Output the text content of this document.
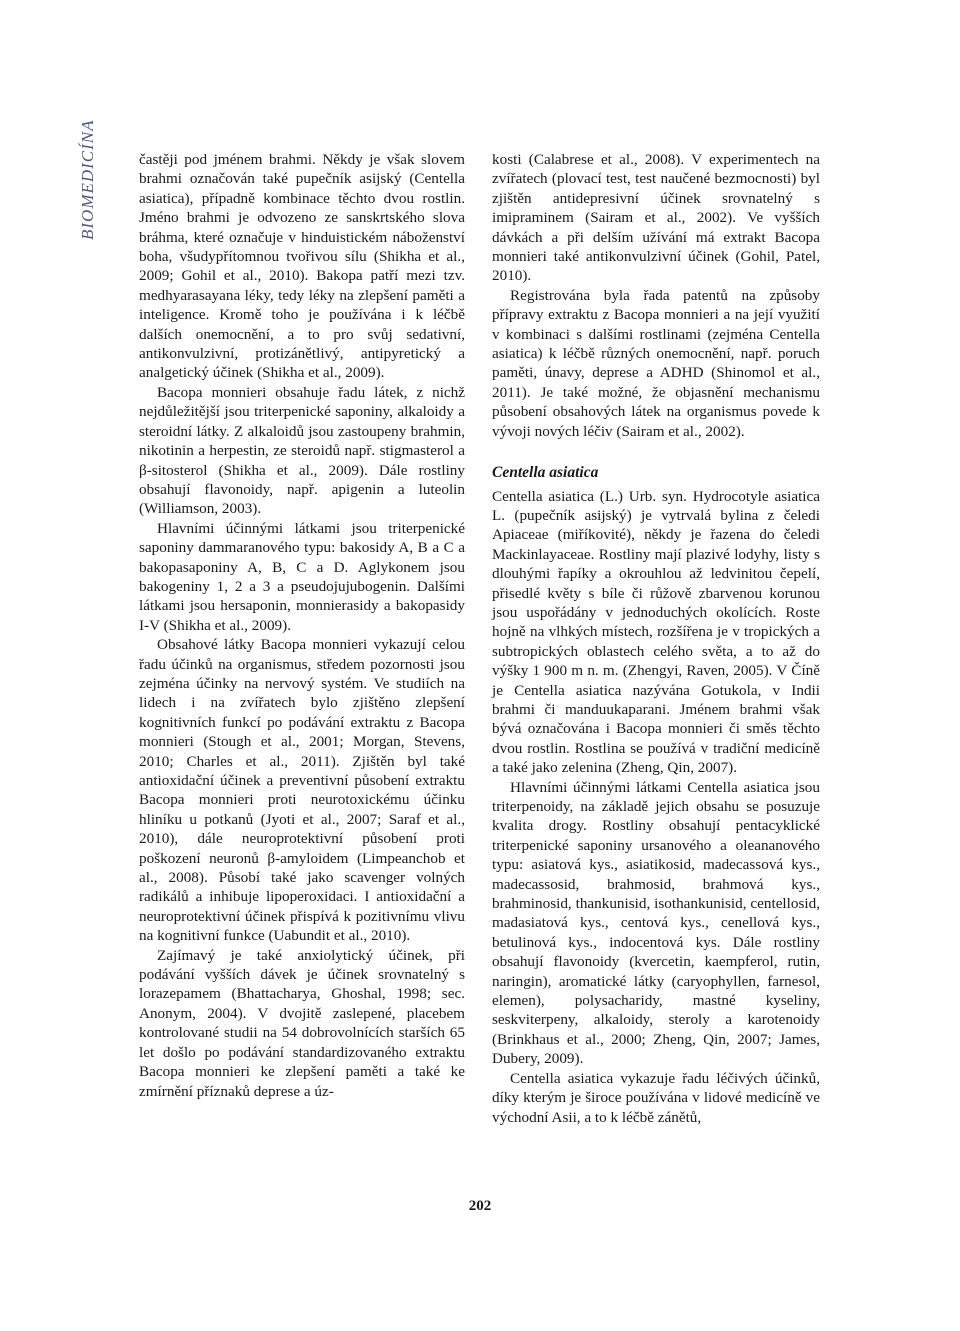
BIOMEDICÍNA	častěji pod jménem brahmi. Někdy je však slovem brahmi označován také pupečník asijský (Centella asiatica), případně kombinace těchto dvou rostlin. Jméno brahmi je odvozeno ze sanskrtského slova bráhma, které označuje v hinduistickém náboženství boha, všudypřítomnou tvořivou sílu (Shikha et al., 2009; Gohil et al., 2010). Bakopa patří mezi tzv. medhyarasayana léky, tedy léky na zlepšení paměti a inteligence. Kromě toho je používána i k léčbě dalších onemocnění, a to pro svůj sedativní, antikonvulzivní, protizánětlivý, antipyretický a analgetický účinek (Shikha et al., 2009).

Bacopa monnieri obsahuje řadu látek, z nichž nejdůležitější jsou triterpenické saponiny, alkaloidy a steroidní látky. Z alkaloidů jsou zastoupeny brahmin, nikotinin a herpestin, ze steroidů např. stigmasterol a β-sitosterol (Shikha et al., 2009). Dále rostliny obsahují flavonoidy, např. apigenin a luteolin (Williamson, 2003).

Hlavními účinnými látkami jsou triterpenické saponiny dammaranového typu: bakosidy A, B a C a bakopasaponiny A, B, C a D. Aglykonem jsou bakogeniny 1, 2 a 3 a pseudojujubogenin. Dalšími látkami jsou hersaponin, monnierasidy a bakopasidy I-V (Shikha et al., 2009).

Obsahové látky Bacopa monnieri vykazují celou řadu účinků na organismus, středem pozornosti jsou zejména účinky na nervový systém. Ve studiích na lidech i na zvířatech bylo zjištěno zlepšení kognitivních funkcí po podávání extraktu z Bacopa monnieri (Stough et al., 2001; Morgan, Stevens, 2010; Charles et al., 2011). Zjištěn byl také antioxidační účinek a preventivní působení extraktu Bacopa monnieri proti neurotoxickému účinku hliníku u potkanů (Jyoti et al., 2007; Saraf et al., 2010), dále neuroprotektivní působení proti poškození neuronů β-amyloidem (Limpeanchob et al., 2008). Působí také jako scavenger volných radikálů a inhibuje lipoperoxidaci. I antioxidační a neuroprotektivní účinek přispívá k pozitivnímu vlivu na kognitivní funkce (Uabundit et al., 2010).

Zajímavý je také anxiolytický účinek, při podávání vyšších dávek je účinek srovnatelný s lorazepamem (Bhattacharya, Ghoshal, 1998; sec. Anonym, 2004). V dvojitě zaslepené, placebem kontrolované studii na 54 dobrovolnících starších 65 let došlo po podávání standardizovaného extraktu Bacopa monnieri ke zlepšení paměti a také ke zmírnění příznaků deprese a úz-

kosti (Calabrese et al., 2008). V experimentech na zvířatech (plovací test, test naučené bezmocnosti) byl zjištěn antidepresivní účinek srovnatelný s imipraminem (Sairam et al., 2002). Ve vyšších dávkách a při delším užívání má extrakt Bacopa monnieri také antikonvulzivní účinek (Gohil, Patel, 2010).

Registrována byla řada patentů na způsoby přípravy extraktu z Bacopa monnieri a na její využití v kombinaci s dalšími rostlinami (zejména Centella asiatica) k léčbě různých onemocnění, např. poruch paměti, únavy, deprese a ADHD (Shinomol et al., 2011). Je také možné, že objasnění mechanismu působení obsahových látek na organismus povede k vývoji nových léčiv (Sairam et al., 2002).

Centella asiatica

Centella asiatica (L.) Urb. syn. Hydrocotyle asiatica L. (pupečník asijský) je vytrvalá bylina z čeledi Apiaceae (miříkovité), někdy je řazena do čeledi Mackinlayaceae. Rostliny mají plazivé lodyhy, listy s dlouhými řapíky a okrouhlou až ledvinitou čepelí, přisedlé květy s bíle či růžově zbarvenou korunou jsou uspořádány v jednoduchých okolících. Roste hojně na vlhkých místech, rozšířena je v tropických a subtropických oblastech celého světa, a to až do výšky 1 900 m n. m. (Zhengyi, Raven, 2005). V Číně je Centella asiatica nazývána Gotukola, v Indii brahmi či manduukaparani. Jménem brahmi však bývá označována i Bacopa monnieri či směs těchto dvou rostlin. Rostlina se používá v tradiční medicíně a také jako zelenina (Zheng, Qin, 2007).

Hlavními účinnými látkami Centella asiatica jsou triterpenoidy, na základě jejich obsahu se posuzuje kvalita drogy. Rostliny obsahují pentacyklické triterpenické saponiny ursanového a oleananového typu: asiatová kys., asiatikosid, madecassová kys., madecassosid, brahmosid, brahmová kys., brahminosid, thankunisid, isothankunisid, centellosid, madasiatová kys., centová kys., cenellová kys., betulinová kys., indocentová kys. Dále rostliny obsahují flavonoidy (kvercetin, kaempferol, rutin, naringin), aromatické látky (caryophyllen, farnesol, elemen), polysacharidy, mastné kyseliny, seskviterpeny, alkaloidy, steroly a karotenoidy (Brinkhaus et al., 2000; Zheng, Qin, 2007; James, Dubery, 2009).

Centella asiatica vykazuje řadu léčivých účinků, díky kterým je široce používána v lidové medicíně ve východní Asii, a to k léčbě zánětů,

202
